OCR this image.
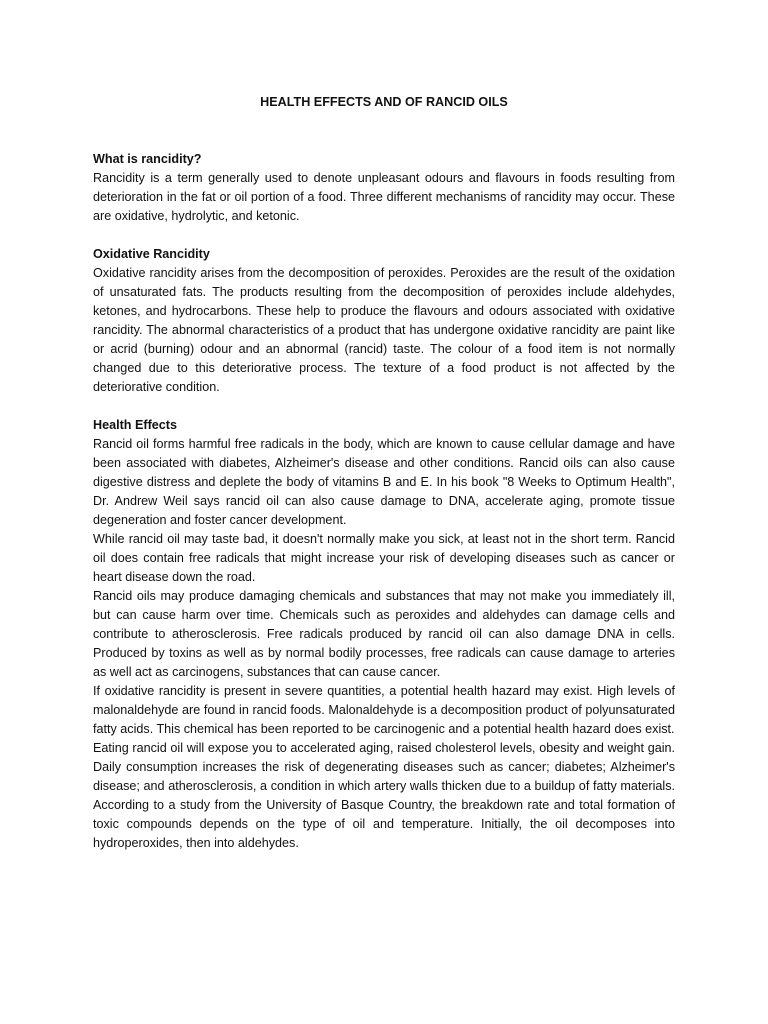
HEALTH EFFECTS AND OF RANCID OILS

What is rancidity?

Rancidity is a term generally used to denote unpleasant odours and flavours in foods resulting from deterioration in the fat or oil portion of a food. Three different mechanisms of rancidity may occur. These are oxidative, hydrolytic, and ketonic.

Oxidative Rancidity

Oxidative rancidity arises from the decomposition of peroxides. Peroxides are the result of the oxidation of unsaturated fats. The products resulting from the decomposition of peroxides include aldehydes, ketones, and hydrocarbons. These help to produce the flavours and odours associated with oxidative rancidity. The abnormal characteristics of a product that has undergone oxidative rancidity are paint like or acrid (burning) odour and an abnormal (rancid) taste. The colour of a food item is not normally changed due to this deteriorative process. The texture of a food product is not affected by the deteriorative condition.

Health Effects

Rancid oil forms harmful free radicals in the body, which are known to cause cellular damage and have been associated with diabetes, Alzheimer's disease and other conditions. Rancid oils can also cause digestive distress and deplete the body of vitamins B and E. In his book "8 Weeks to Optimum Health", Dr. Andrew Weil says rancid oil can also cause damage to DNA, accelerate aging, promote tissue degeneration and foster cancer development.

While rancid oil may taste bad, it doesn't normally make you sick, at least not in the short term. Rancid oil does contain free radicals that might increase your risk of developing diseases such as cancer or heart disease down the road.

Rancid oils may produce damaging chemicals and substances that may not make you immediately ill, but can cause harm over time. Chemicals such as peroxides and aldehydes can damage cells and contribute to atherosclerosis. Free radicals produced by rancid oil can also damage DNA in cells. Produced by toxins as well as by normal bodily processes, free radicals can cause damage to arteries as well act as carcinogens, substances that can cause cancer.

If oxidative rancidity is present in severe quantities, a potential health hazard may exist. High levels of malonaldehyde are found in rancid foods. Malonaldehyde is a decomposition product of polyunsaturated fatty acids. This chemical has been reported to be carcinogenic and a potential health hazard does exist.

Eating rancid oil will expose you to accelerated aging, raised cholesterol levels, obesity and weight gain. Daily consumption increases the risk of degenerating diseases such as cancer; diabetes; Alzheimer's disease; and atherosclerosis, a condition in which artery walls thicken due to a buildup of fatty materials. According to a study from the University of Basque Country, the breakdown rate and total formation of toxic compounds depends on the type of oil and temperature. Initially, the oil decomposes into hydroperoxides, then into aldehydes.
